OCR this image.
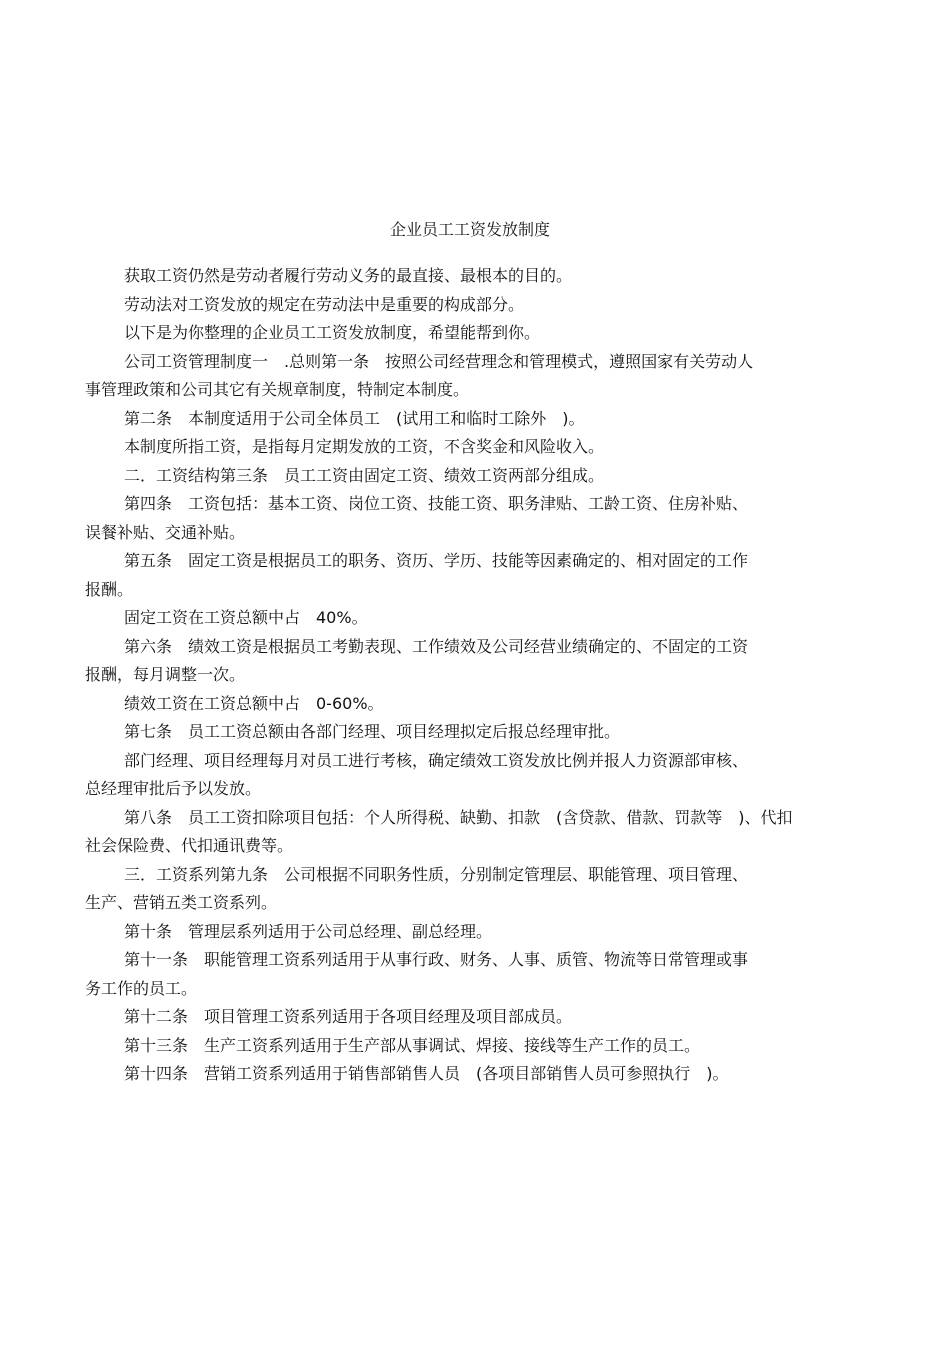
企业员工工资发放制度

获取工资仍然是劳动者履行劳动义务的最直接、最根本的目的。

劳动法对工资发放的规定在劳动法中是重要的构成部分。

以下是为你整理的企业员工工资发放制度，希望能帮到你。

公司工资管理制度一　.总则第一条　按照公司经营理念和管理模式，遵照国家有关劳动人
事管理政策和公司其它有关规章制度，特制定本制度。

第二条　本制度适用于公司全体员工　(试用工和临时工除外　)。

本制度所指工资，是指每月定期发放的工资，不含奖金和风险收入。

二．工资结构第三条　员工工资由固定工资、绩效工资两部分组成。

第四条　工资包括：基本工资、岗位工资、技能工资、职务津贴、工龄工资、住房补贴、
误餐补贴、交通补贴。

第五条　固定工资是根据员工的职务、资历、学历、技能等因素确定的、相对固定的工作
报酬。

固定工资在工资总额中占　40%。

第六条　绩效工资是根据员工考勤表现、工作绩效及公司经营业绩确定的、不固定的工资
报酬，每月调整一次。

绩效工资在工资总额中占　0-60%。

第七条　员工工资总额由各部门经理、项目经理拟定后报总经理审批。

部门经理、项目经理每月对员工进行考核，确定绩效工资发放比例并报人力资源部审核、
总经理审批后予以发放。

第八条　员工工资扣除项目包括：个人所得税、缺勤、扣款　(含贷款、借款、罚款等　)、代扣
社会保险费、代扣通讯费等。

三．工资系列第九条　公司根据不同职务性质，分别制定管理层、职能管理、项目管理、
生产、营销五类工资系列。

第十条　管理层系列适用于公司总经理、副总经理。

第十一条　职能管理工资系列适用于从事行政、财务、人事、质管、物流等日常管理或事
务工作的员工。

第十二条　项目管理工资系列适用于各项目经理及项目部成员。

第十三条　生产工资系列适用于生产部从事调试、焊接、接线等生产工作的员工。

第十四条　营销工资系列适用于销售部销售人员　(各项目部销售人员可参照执行　)。
